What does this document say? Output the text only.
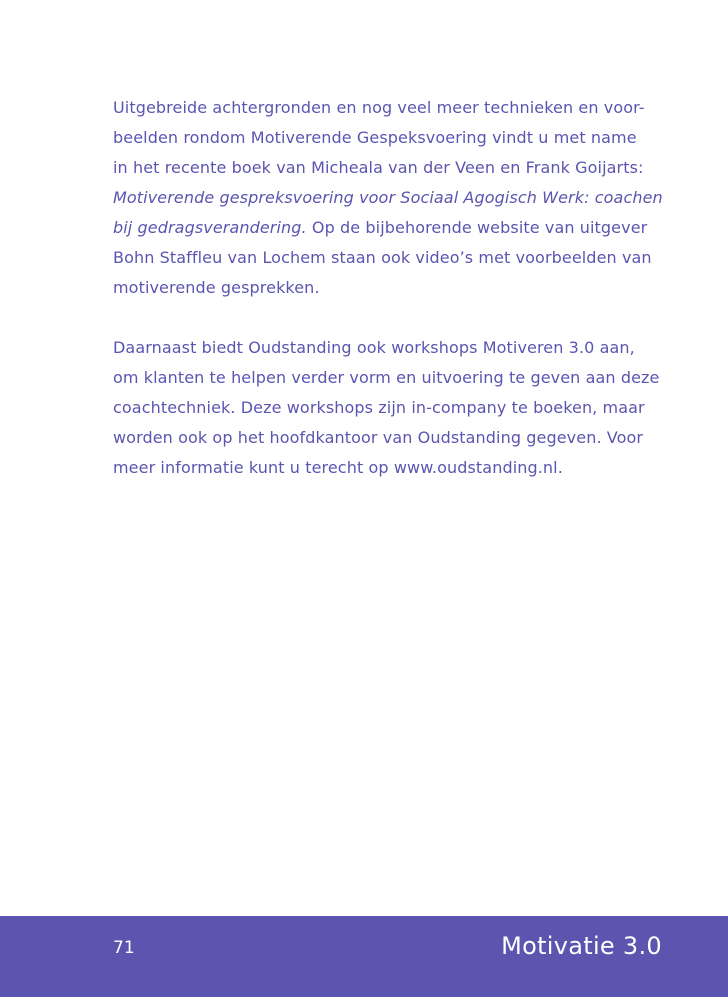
Uitgebreide achtergronden en nog veel meer technieken en voor-
beelden rondom Motiverende Gespeksvoering vindt u met name
in het recente boek van Micheala van der Veen en Frank Goijarts:
Motiverende gespreksvoering voor Sociaal Agogisch Werk: coachen
bij gedragsverandering. Op de bijbehorende website van uitgever
Bohn Staffleu van Lochem staan ook video’s met voorbeelden van
motiverende gesprekken.

Daarnaast biedt Oudstanding ook workshops Motiveren 3.0 aan,
om klanten te helpen verder vorm en uitvoering te geven aan deze
coachtechniek. Deze workshops zijn in-company te boeken, maar
worden ook op het hoofdkantoor van Oudstanding gegeven. Voor
meer informatie kunt u terecht op www.oudstanding.nl.

71	Motivatie 3.0
